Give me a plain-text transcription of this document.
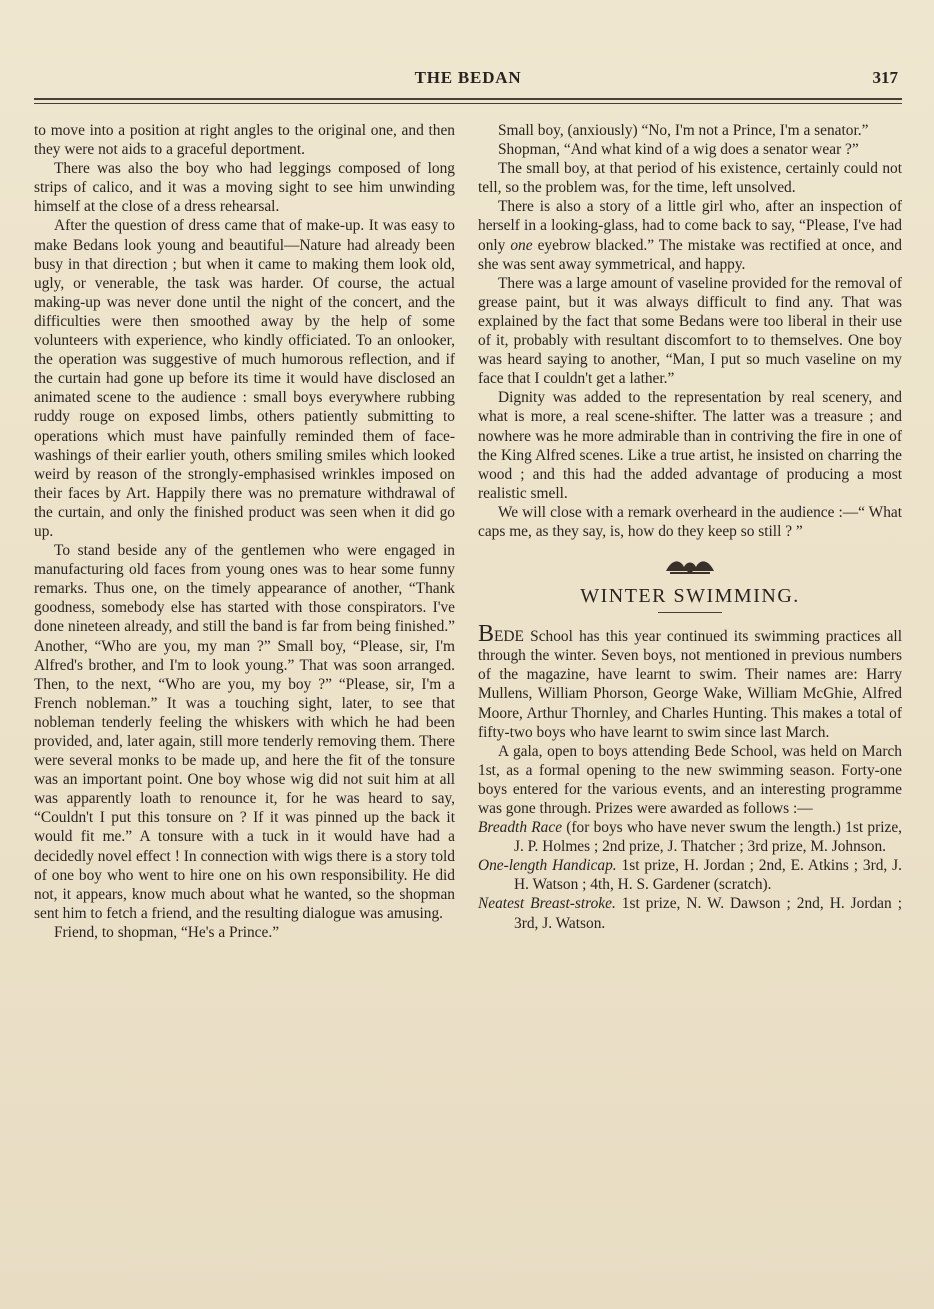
THE BEDAN	317

to move into a position at right angles to the original one, and then they were not aids to a graceful deportment.

There was also the boy who had leggings composed of long strips of calico, and it was a moving sight to see him unwinding himself at the close of a dress rehearsal.

After the question of dress came that of make-up. It was easy to make Bedans look young and beautiful—Nature had already been busy in that direction ; but when it came to making them look old, ugly, or venerable, the task was harder. Of course, the actual making-up was never done until the night of the concert, and the difficulties were then smoothed away by the help of some volunteers with experience, who kindly officiated. To an onlooker, the operation was suggestive of much humorous reflection, and if the curtain had gone up before its time it would have disclosed an animated scene to the audience : small boys everywhere rubbing ruddy rouge on exposed limbs, others patiently submitting to operations which must have painfully reminded them of face-washings of their earlier youth, others smiling smiles which looked weird by reason of the strongly-emphasised wrinkles imposed on their faces by Art. Happily there was no premature withdrawal of the curtain, and only the finished product was seen when it did go up.

To stand beside any of the gentlemen who were engaged in manufacturing old faces from young ones was to hear some funny remarks. Thus one, on the timely appearance of another, “Thank goodness, somebody else has started with those conspirators. I've done nineteen already, and still the band is far from being finished.” Another, “Who are you, my man ?” Small boy, “Please, sir, I'm Alfred's brother, and I'm to look young.” That was soon arranged. Then, to the next, “Who are you, my boy ?” “Please, sir, I'm a French nobleman.” It was a touching sight, later, to see that nobleman tenderly feeling the whiskers with which he had been provided, and, later again, still more tenderly removing them. There were several monks to be made up, and here the fit of the tonsure was an important point. One boy whose wig did not suit him at all was apparently loath to renounce it, for he was heard to say, “Couldn't I put this tonsure on ? If it was pinned up the back it would fit me.” A tonsure with a tuck in it would have had a decidedly novel effect ! In connection with wigs there is a story told of one boy who went to hire one on his own responsibility. He did not, it appears, know much about what he wanted, so the shopman sent him to fetch a friend, and the resulting dialogue was amusing.

Friend, to shopman, “He's a Prince.”

Small boy, (anxiously) “No, I'm not a Prince, I'm a senator.”

Shopman, “And what kind of a wig does a senator wear ?”

The small boy, at that period of his existence, certainly could not tell, so the problem was, for the time, left unsolved.

There is also a story of a little girl who, after an inspection of herself in a looking-glass, had to come back to say, “Please, I've had only one eyebrow blacked.” The mistake was rectified at once, and she was sent away symmetrical, and happy.

There was a large amount of vaseline provided for the removal of grease paint, but it was always difficult to find any. That was explained by the fact that some Bedans were too liberal in their use of it, probably with resultant discomfort to to themselves. One boy was heard saying to another, “Man, I put so much vaseline on my face that I couldn't get a lather.”

Dignity was added to the representation by real scenery, and what is more, a real scene-shifter. The latter was a treasure ; and nowhere was he more admirable than in contriving the fire in one of the King Alfred scenes. Like a true artist, he insisted on charring the wood ; and this had the added advantage of producing a most realistic smell.

We will close with a remark overheard in the audience :—“ What caps me, as they say, is, how do they keep so still ? ”

WINTER SWIMMING.

BEDE School has this year continued its swimming practices all through the winter. Seven boys, not mentioned in previous numbers of the magazine, have learnt to swim. Their names are: Harry Mullens, William Phorson, George Wake, William McGhie, Alfred Moore, Arthur Thornley, and Charles Hunting. This makes a total of fifty-two boys who have learnt to swim since last March.

A gala, open to boys attending Bede School, was held on March 1st, as a formal opening to the new swimming season. Forty-one boys entered for the various events, and an interesting programme was gone through. Prizes were awarded as follows :—

Breadth Race (for boys who have never swum the length.) 1st prize, J. P. Holmes ; 2nd prize, J. Thatcher ; 3rd prize, M. Johnson.

One-length Handicap. 1st prize, H. Jordan ; 2nd, E. Atkins ; 3rd, J. H. Watson ; 4th, H. S. Gardener (scratch).

Neatest Breast-stroke. 1st prize, N. W. Dawson ; 2nd, H. Jordan ; 3rd, J. Watson.
